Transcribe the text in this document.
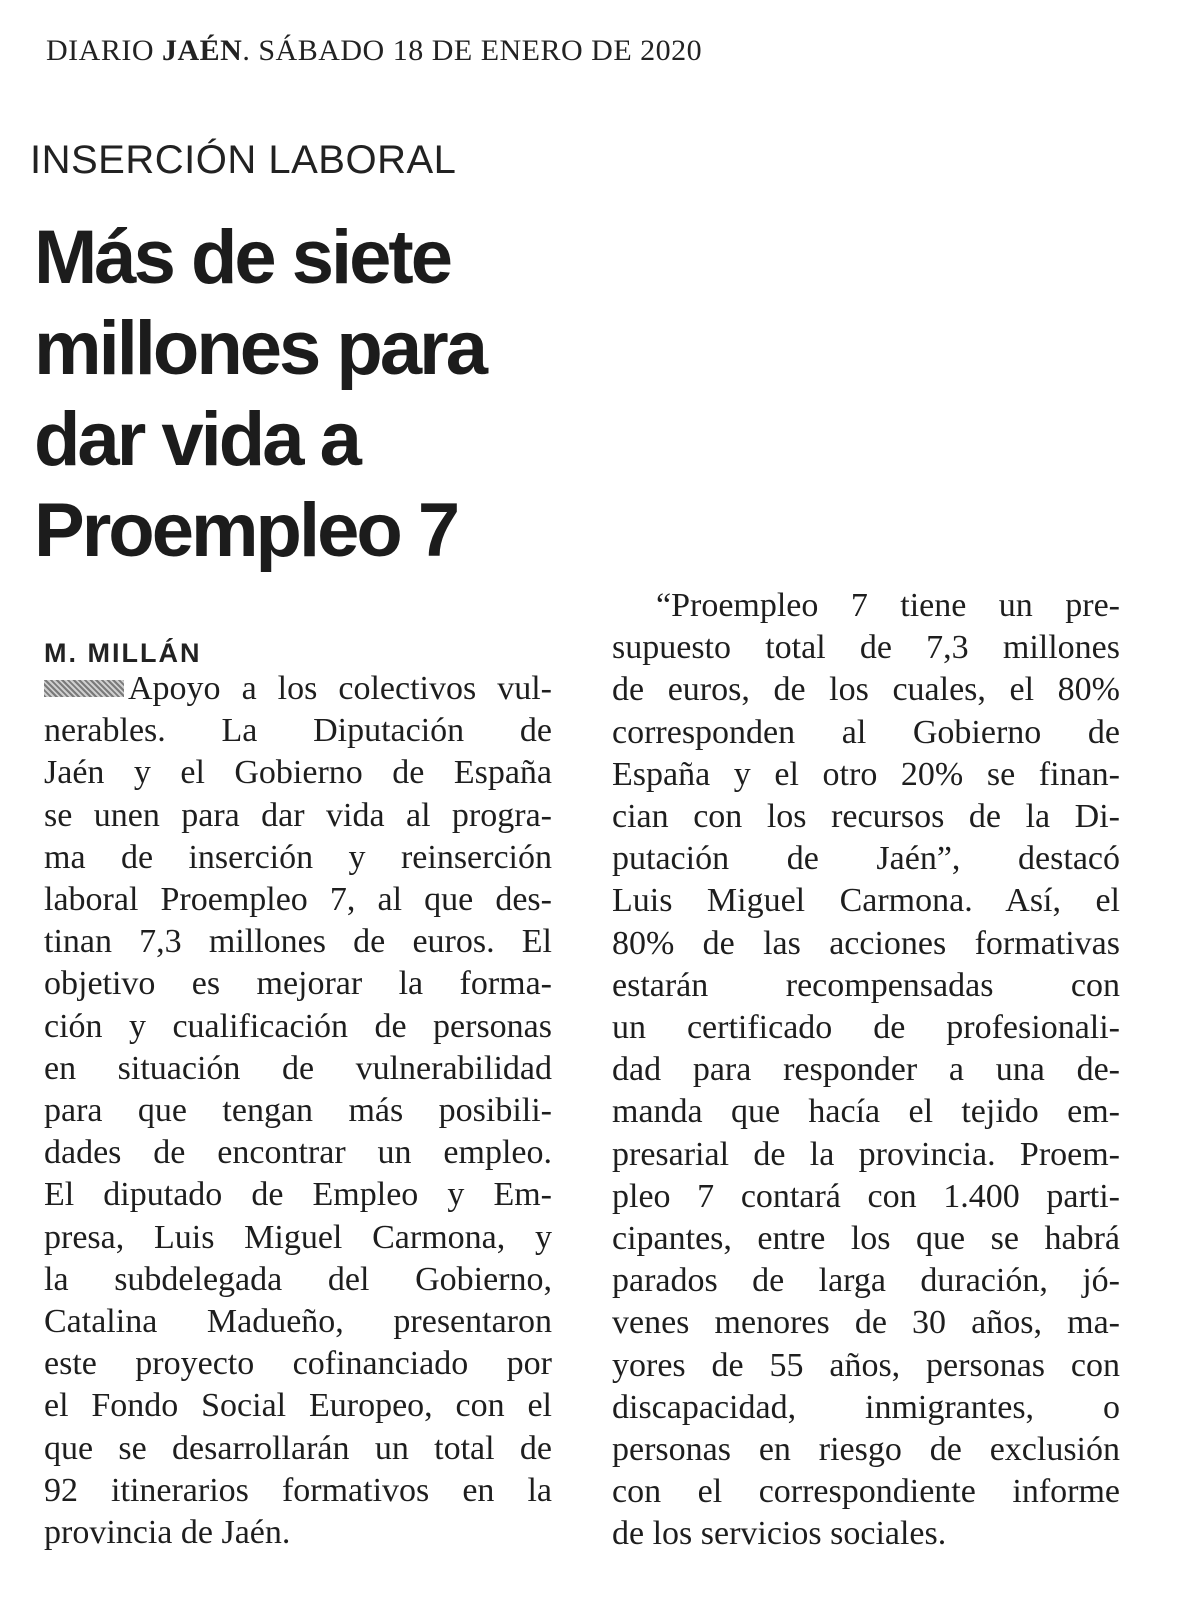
DIARIO JAÉN. SÁBADO 18 DE ENERO DE 2020
INSERCIÓN LABORAL
Más de siete
millones para
dar vida a
Proempleo 7
M. MILLÁN
Apoyo a los colectivos vul-
nerables. La Diputación de
Jaén y el Gobierno de España
se unen para dar vida al progra-
ma de inserción y reinserción
laboral Proempleo 7, al que des-
tinan 7,3 millones de euros. El
objetivo es mejorar la forma-
ción y cualificación de personas
en situación de vulnerabilidad
para que tengan más posibili-
dades de encontrar un empleo.
El diputado de Empleo y Em-
presa, Luis Miguel Carmona, y
la subdelegada del Gobierno,
Catalina Madueño, presentaron
este proyecto cofinanciado por
el Fondo Social Europeo, con el
que se desarrollarán un total de
92 itinerarios formativos en la
provincia de Jaén.
“Proempleo 7 tiene un pre-
supuesto total de 7,3 millones
de euros, de los cuales, el 80%
corresponden al Gobierno de
España y el otro 20% se finan-
cian con los recursos de la Di-
putación de Jaén”, destacó
Luis Miguel Carmona. Así, el
80% de las acciones formativas
estarán recompensadas con
un certificado de profesionali-
dad para responder a una de-
manda que hacía el tejido em-
presarial de la provincia. Proem-
pleo 7 contará con 1.400 parti-
cipantes, entre los que se habrá
parados de larga duración, jó-
venes menores de 30 años, ma-
yores de 55 años, personas con
discapacidad, inmigrantes, o
personas en riesgo de exclusión
con el correspondiente informe
de los servicios sociales.
